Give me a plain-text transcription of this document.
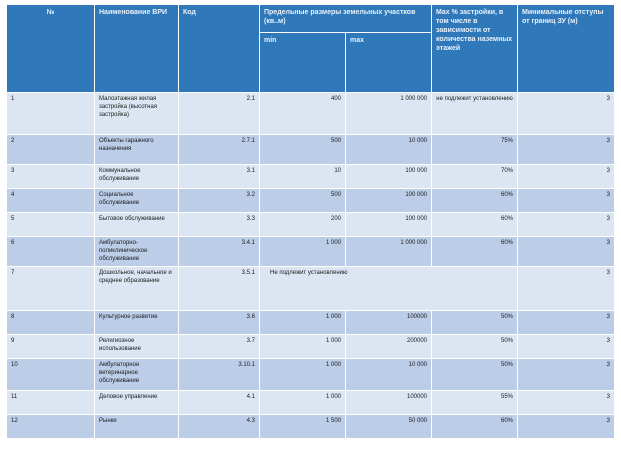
№	Наименование ВРИ	Код	Предельные размеры земельных участков (кв..м)		Max % застройки, в том числе в зависимости от количества наземных этажей	Минимальные отступы от границ ЗУ (м)
			min	max		
1	Малоэтажная жилая застройка (высотная застройка)	2.1	400	1 000 000	не подлежит установлению	3
2	Объекты гаражного назначения	2.7.1	500	10 000	75%	3
3	Коммунальное обслуживание	3.1	10	100 000	70%	3
4	Социальное обслуживание	3.2	500	100 000	60%	3
5	Бытовое обслуживание	3.3	200	100 000	60%	3
6	Амбулаторно-поликлиническое обслуживание	3.4.1	1 000	1 000 000	60%	3
7	Дошкольное, начальное и среднее образование	3.5.1	Не подлежит установлению			3
8	Культурное развитие	3.6	1 000	100000	50%	3
9	Религиозное использование	3.7	1 000	200000	50%	3
10	Амбулаторное ветеринарное обслуживание	3.10.1	1 000	10 000	50%	3
11	Деловое управление	4.1	1 000	100000	55%	3
12	Рынки	4.3	1 500	50 000	60%	3
